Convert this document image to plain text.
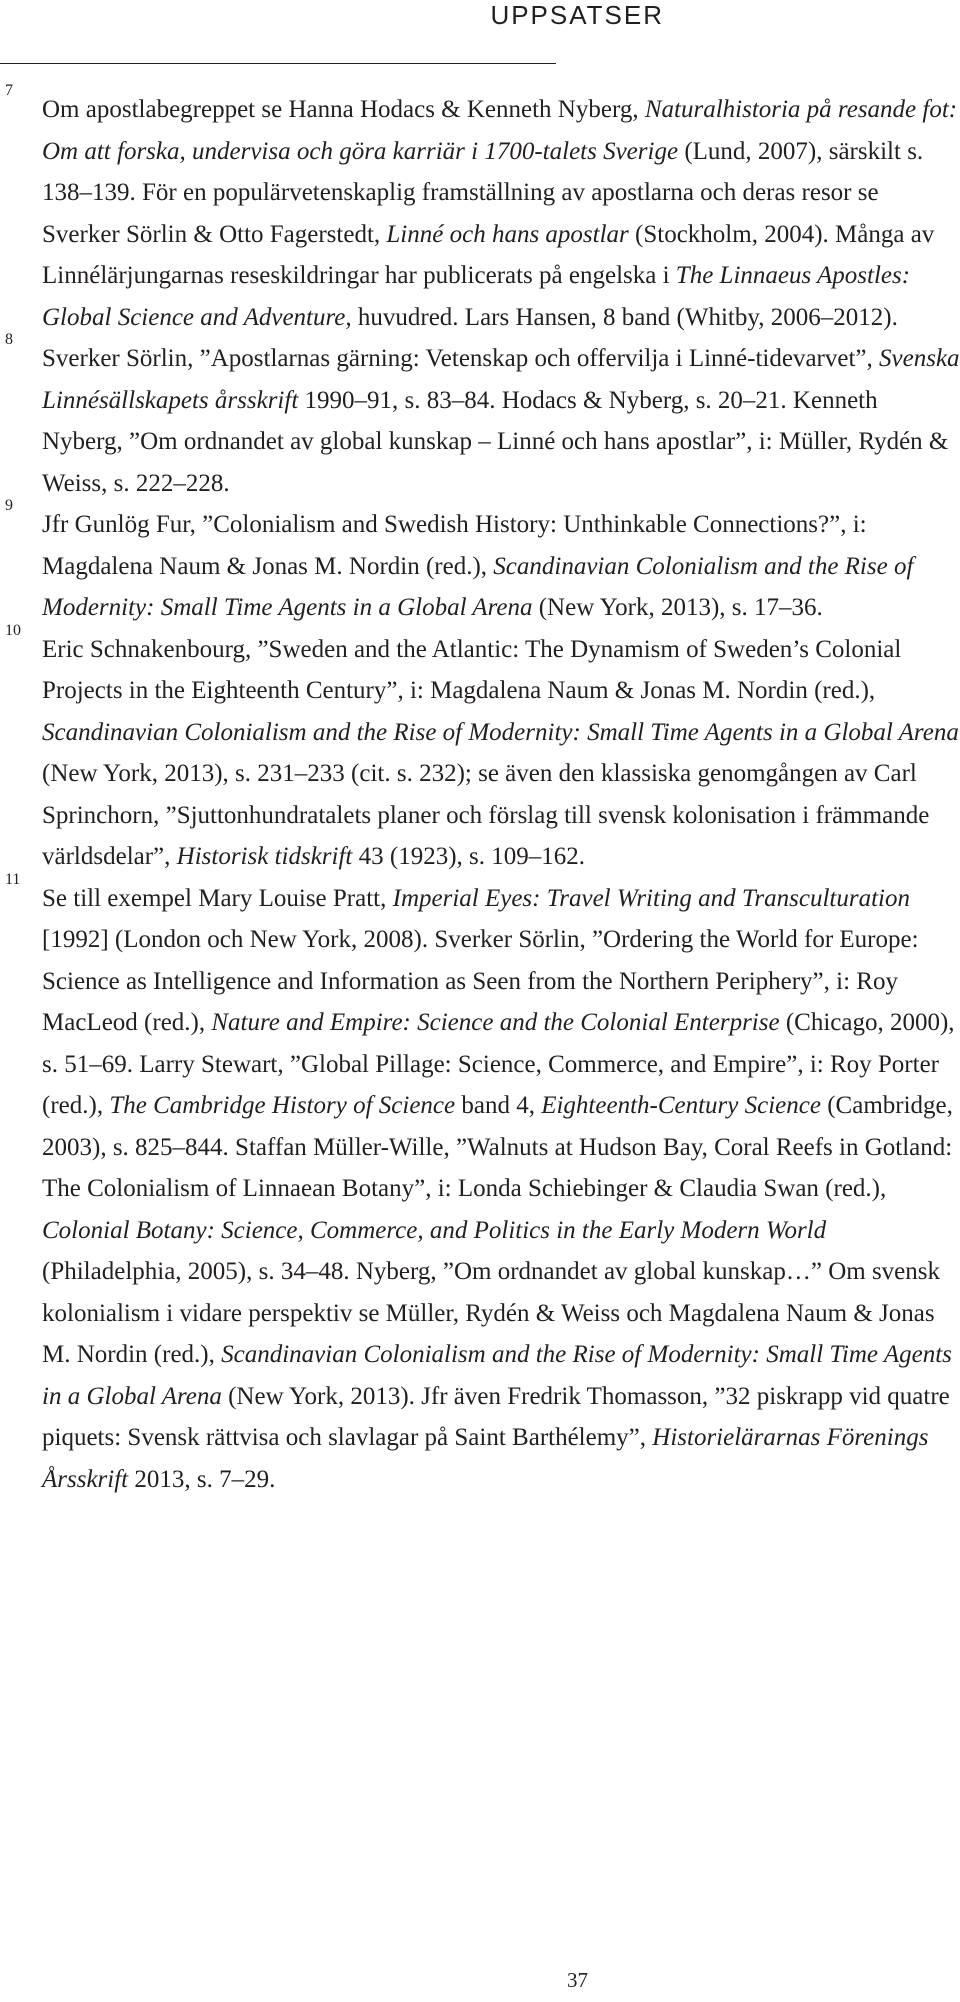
UPPSATSER
7
Om apostlabegreppet se Hanna Hodacs & Kenneth Nyberg, Naturalhistoria på resande fot: Om att forska, undervisa och göra karriär i 1700-talets Sverige (Lund, 2007), särskilt s. 138–139. För en populärvetenskaplig framställning av apostlarna och deras resor se Sverker Sörlin & Otto Fagerstedt, Linné och hans apostlar (Stockholm, 2004). Många av Linnélärjungarnas reseskildringar har publicerats på engelska i The Linnaeus Apostles: Global Science and Adventure, huvudred. Lars Hansen, 8 band (Whitby, 2006–2012).
8
Sverker Sörlin, ”Apostlarnas gärning: Vetenskap och offervilja i Linné-tidevarvet”, Svenska Linnésällskapets årsskrift 1990–91, s. 83–84. Hodacs & Nyberg, s. 20–21. Kenneth Nyberg, ”Om ordnandet av global kunskap – Linné och hans apostlar”, i: Müller, Rydén & Weiss, s. 222–228.
9
Jfr Gunlög Fur, ”Colonialism and Swedish History: Unthinkable Connections?”, i: Magdalena Naum & Jonas M. Nordin (red.), Scandinavian Colonialism and the Rise of Modernity: Small Time Agents in a Global Arena (New York, 2013), s. 17–36.
10
Eric Schnakenbourg, ”Sweden and the Atlantic: The Dynamism of Sweden’s Colonial Projects in the Eighteenth Century”, i: Magdalena Naum & Jonas M. Nordin (red.), Scandinavian Colonialism and the Rise of Modernity: Small Time Agents in a Global Arena (New York, 2013), s. 231–233 (cit. s. 232); se även den klassiska genomgången av Carl Sprinchorn, ”Sjuttonhundratalets planer och förslag till svensk kolonisation i främmande världsdelar”, Historisk tidskrift 43 (1923), s. 109–162.
11
Se till exempel Mary Louise Pratt, Imperial Eyes: Travel Writing and Transculturation [1992] (London och New York, 2008). Sverker Sörlin, ”Ordering the World for Europe: Science as Intelligence and Information as Seen from the Northern Periphery”, i: Roy MacLeod (red.), Nature and Empire: Science and the Colonial Enterprise (Chicago, 2000), s. 51–69. Larry Stewart, ”Global Pillage: Science, Commerce, and Empire”, i: Roy Porter (red.), The Cambridge History of Science band 4, Eighteenth-Century Science (Cambridge, 2003), s. 825–844. Staffan Müller-Wille, ”Walnuts at Hudson Bay, Coral Reefs in Gotland: The Colonialism of Linnaean Botany”, i: Londa Schiebinger & Claudia Swan (red.), Colonial Botany: Science, Commerce, and Politics in the Early Modern World (Philadelphia, 2005), s. 34–48. Nyberg, ”Om ordnandet av global kunskap…” Om svensk kolonialism i vidare perspektiv se Müller, Rydén & Weiss och Magdalena Naum & Jonas M. Nordin (red.), Scandinavian Colonialism and the Rise of Modernity: Small Time Agents in a Global Arena (New York, 2013). Jfr även Fredrik Thomasson, ”32 piskrapp vid quatre piquets: Svensk rättvisa och slavlagar på Saint Barthélemy”, Historielärarnas Förenings Årsskrift 2013, s. 7–29.
37
